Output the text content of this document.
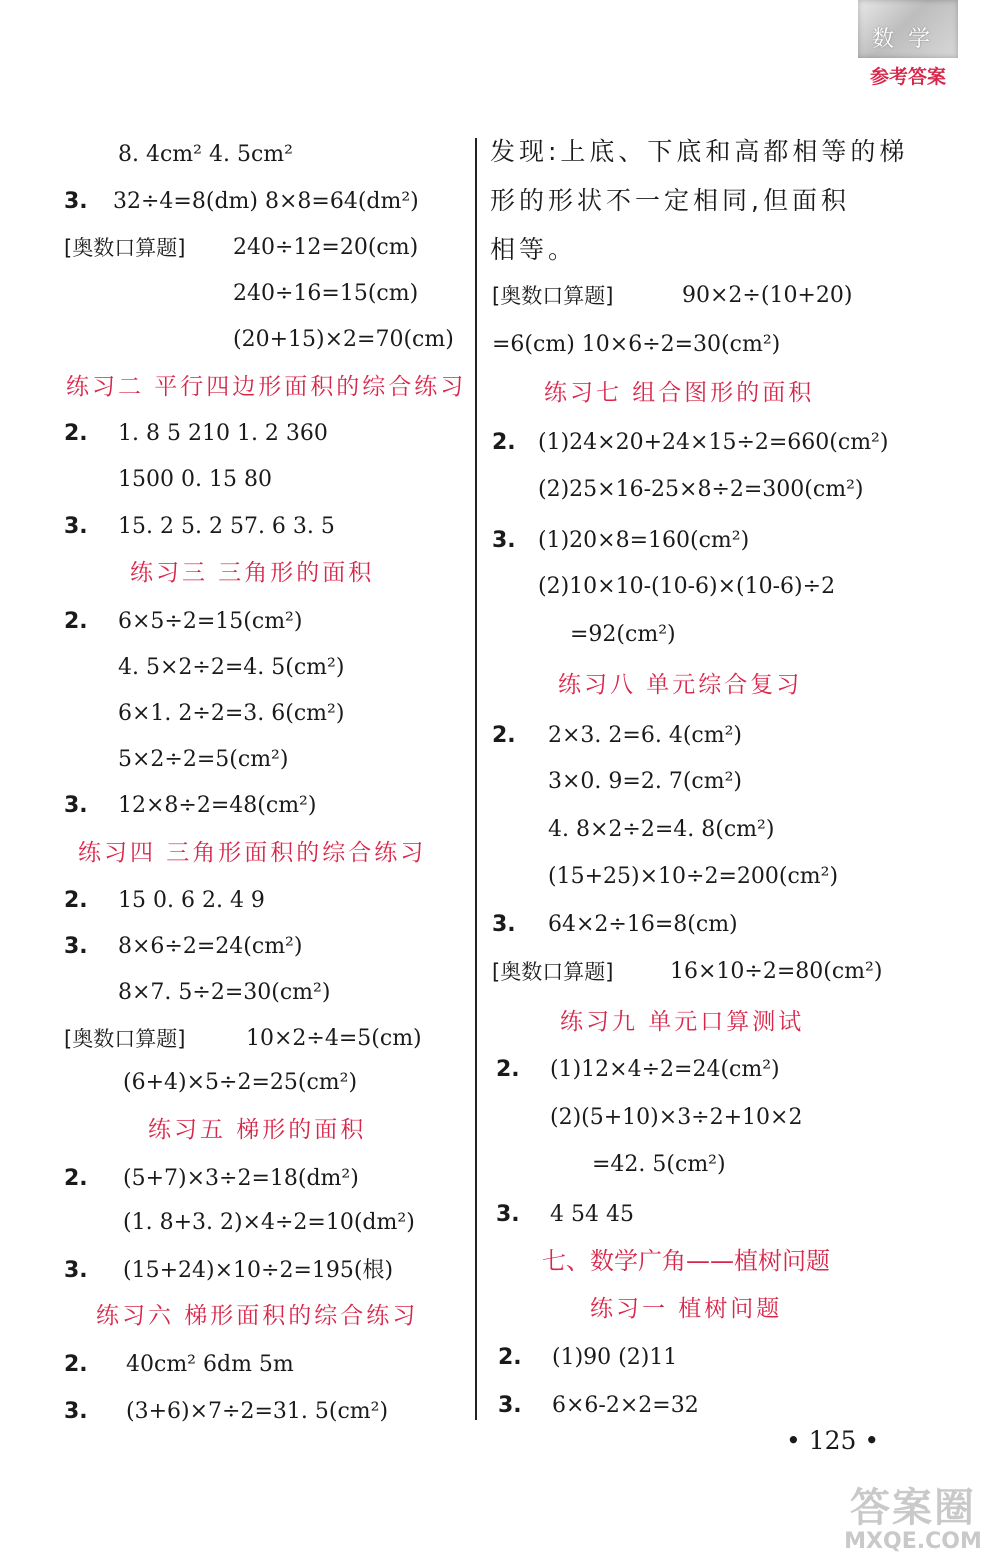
数学
参考答案
8. 4cm² 4. 5cm²
3. 32÷4=8(dm) 8×8=64(dm²)
[奥数口算题] 240÷12=20(cm)
240÷16=15(cm)
(20+15)×2=70(cm)
练习二 平行四边形面积的综合练习
2. 1. 8 5 210 1. 2 360
1500 0. 15 80
3. 15. 2 5. 2 57. 6 3. 5
练习三 三角形的面积
2. 6×5÷2=15(cm²)
4. 5×2÷2=4. 5(cm²)
6×1. 2÷2=3. 6(cm²)
5×2÷2=5(cm²)
3. 12×8÷2=48(cm²)
练习四 三角形面积的综合练习
2. 15 0. 6 2. 4 9
3. 8×6÷2=24(cm²)
8×7. 5÷2=30(cm²)
[奥数口算题]	10×2÷4=5(cm)
(6+4)×5÷2=25(cm²)
练习五 梯形的面积
2. (5+7)×3÷2=18(dm²)
(1. 8+3. 2)×4÷2=10(dm²)
3. (15+24)×10÷2=195(根)
练习六 梯形面积的综合练习
2. 40cm² 6dm 5m
3. (3+6)×7÷2=31. 5(cm²)
发现:上底、下底和高都相等的梯
形的形状不一定相同,但面积
相等。
[奥数口算题]	90×2÷(10+20)
=6(cm) 10×6÷2=30(cm²)
练习七 组合图形的面积
2. (1)24×20+24×15÷2=660(cm²)
(2)25×16-25×8÷2=300(cm²)
3. (1)20×8=160(cm²)
(2)10×10-(10-6)×(10-6)÷2
=92(cm²)
练习八 单元综合复习
2. 2×3. 2=6. 4(cm²)
3×0. 9=2. 7(cm²)
4. 8×2÷2=4. 8(cm²)
(15+25)×10÷2=200(cm²)
3. 64×2÷16=8(cm)
[奥数口算题]	16×10÷2=80(cm²)
练习九 单元口算测试
2. (1)12×4÷2=24(cm²)
(2)(5+10)×3÷2+10×2
=42. 5(cm²)
3. 4 54 45
七、数学广角——植树问题
练习一 植树问题
2. (1)90 (2)11
3. 6×6-2×2=32
• 125 •
答案圈
MXQE.COM
